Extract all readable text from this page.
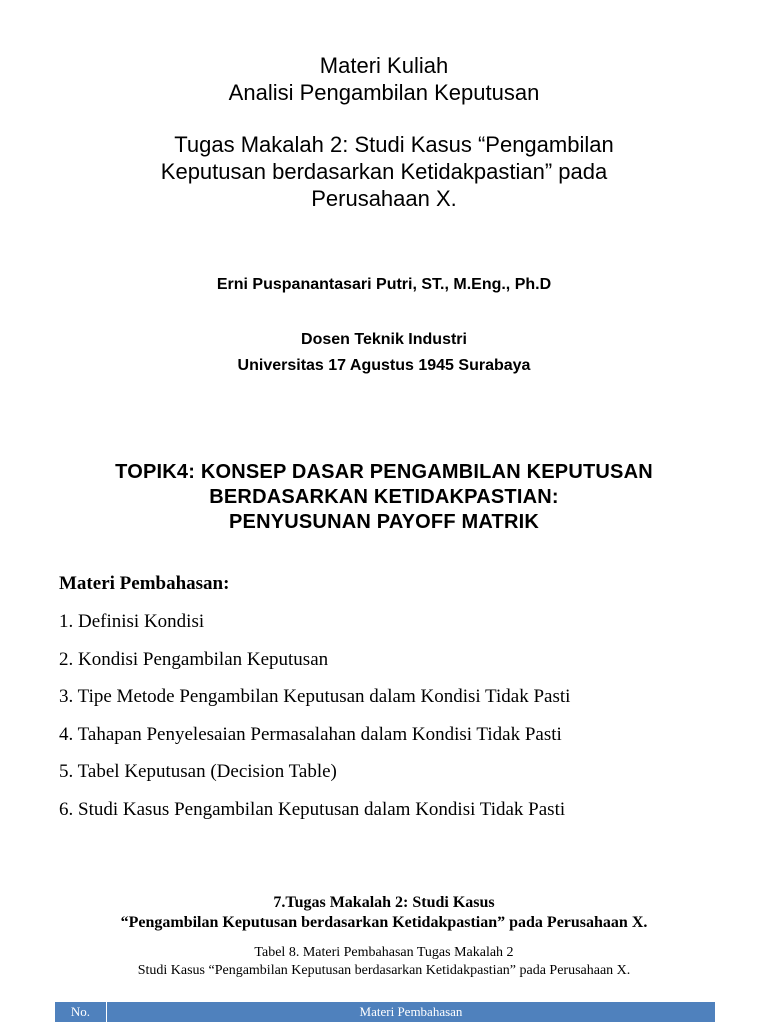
Materi Kuliah
Analisi Pengambilan Keputusan
Tugas Makalah 2: Studi Kasus “Pengambilan
Keputusan berdasarkan Ketidakpastian” pada
Perusahaan X.
Erni Puspanantasari Putri, ST., M.Eng., Ph.D
Dosen Teknik Industri
Universitas 17 Agustus 1945 Surabaya
TOPIK4: KONSEP DASAR PENGAMBILAN KEPUTUSAN
BERDASARKAN KETIDAKPASTIAN:
PENYUSUNAN PAYOFF MATRIK
Materi Pembahasan:
1. Definisi Kondisi
2. Kondisi Pengambilan Keputusan
3. Tipe Metode Pengambilan Keputusan dalam Kondisi Tidak Pasti
4. Tahapan Penyelesaian Permasalahan dalam Kondisi Tidak Pasti
5. Tabel Keputusan (Decision Table)
6. Studi Kasus Pengambilan Keputusan dalam Kondisi Tidak Pasti
7.Tugas Makalah 2: Studi Kasus
“Pengambilan Keputusan berdasarkan Ketidakpastian” pada Perusahaan X.
Tabel 8. Materi Pembahasan Tugas Makalah 2
Studi Kasus “Pengambilan Keputusan berdasarkan Ketidakpastian” pada Perusahaan X.
No.	Materi Pembahasan
